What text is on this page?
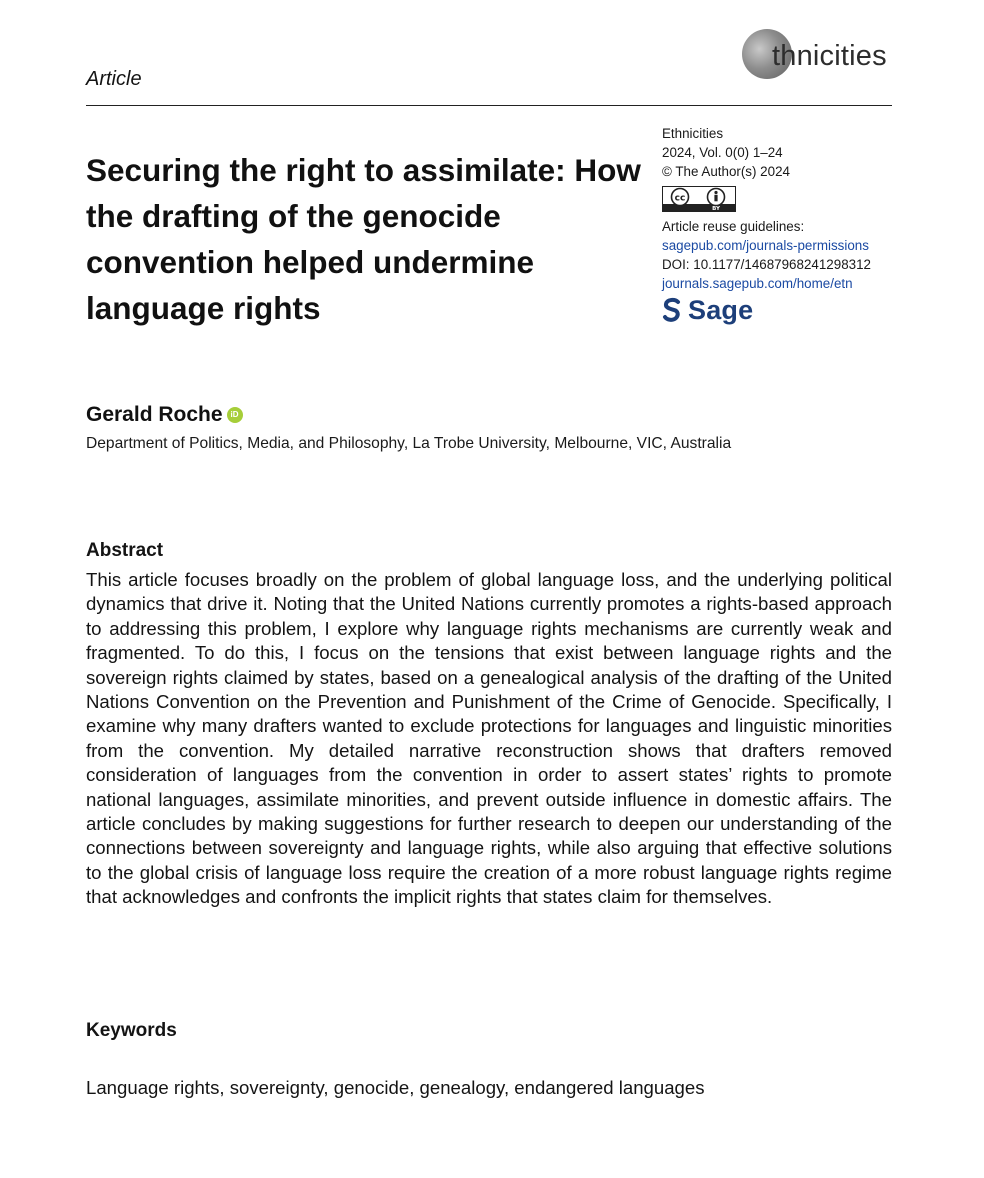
Article
thnicities
Securing the right to assimilate: How the drafting of the genocide convention helped undermine language rights
Ethnicities
2024, Vol. 0(0) 1–24
© The Author(s) 2024
cc
BY
Article reuse guidelines:
sagepub.com/journals-permissions
DOI: 10.1177/14687968241298312
journals.sagepub.com/home/etn
Sage
Gerald Roche	iD
Department of Politics, Media, and Philosophy, La Trobe University, Melbourne, VIC, Australia
Abstract

This article focuses broadly on the problem of global language loss, and the underlying political dynamics that drive it. Noting that the United Nations currently promotes a rights-based approach to addressing this problem, I explore why language rights mechanisms are currently weak and fragmented. To do this, I focus on the tensions that exist between language rights and the sovereign rights claimed by states, based on a genealogical analysis of the drafting of the United Nations Convention on the Prevention and Punishment of the Crime of Genocide. Specifically, I examine why many drafters wanted to exclude protections for languages and linguistic minorities from the convention. My detailed narrative reconstruction shows that drafters removed consideration of languages from the convention in order to assert states’ rights to promote national languages, assimilate minorities, and prevent outside influence in domestic affairs. The article concludes by making suggestions for further research to deepen our understanding of the connections between sovereignty and language rights, while also arguing that effective solutions to the global crisis of language loss require the creation of a more robust language rights regime that acknowledges and confronts the implicit rights that states claim for themselves.

Keywords

Language rights, sovereignty, genocide, genealogy, endangered languages
